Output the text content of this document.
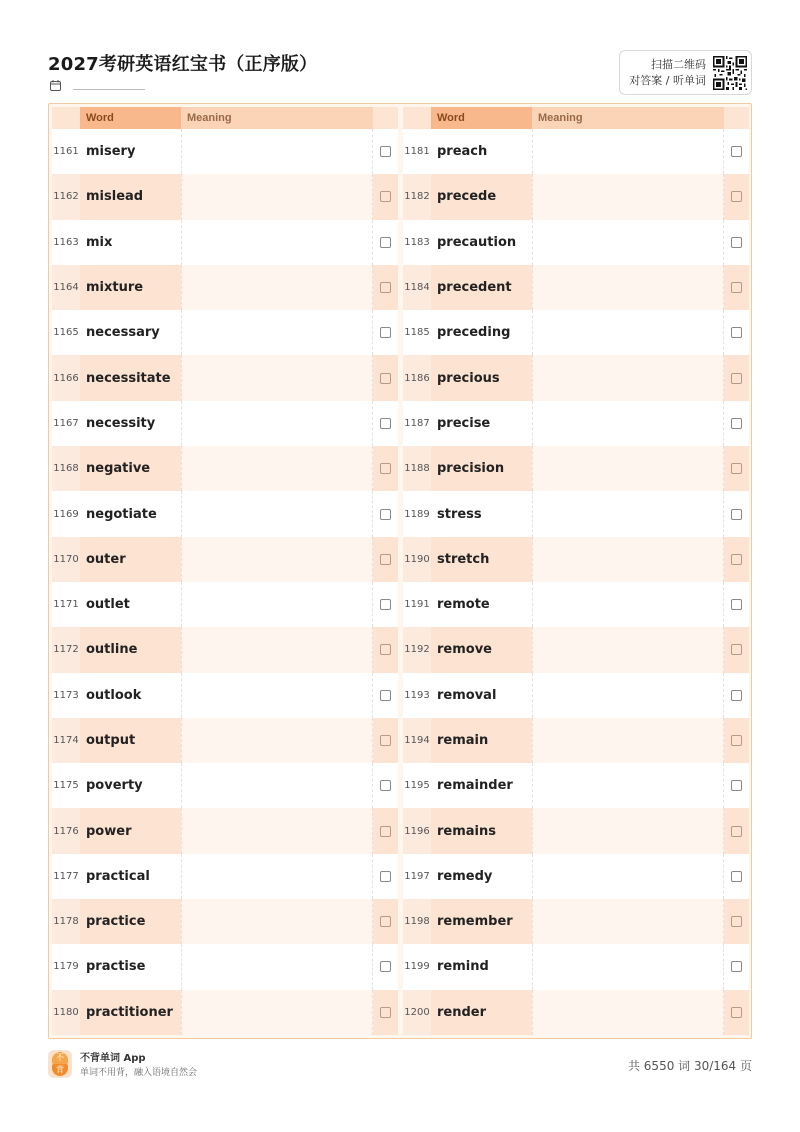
2027考研英语红宝书（正序版）	扫描二维码
对答案 / 听单词
Word	Meaning
1161 misery
1162 mislead
1163 mix
1164 mixture
1165 necessary
1166 necessitate
1167 necessity
1168 negative
1169 negotiate
1170 outer
1171 outlet
1172 outline
1173 outlook
1174 output
1175 poverty
1176 power
1177 practical
1178 practice
1179 practise
1180 practitioner
Word	Meaning
1181 preach
1182 precede
1183 precaution
1184 precedent
1185 preceding
1186 precious
1187 precise
1188 precision
1189 stress
1190 stretch
1191 remote
1192 remove
1193 removal
1194 remain
1195 remainder
1196 remains
1197 remedy
1198 remember
1199 remind
1200 render
不
背
不背单词 App
单词不用背，融入语境自然会	共 6550 词 30/164 页
